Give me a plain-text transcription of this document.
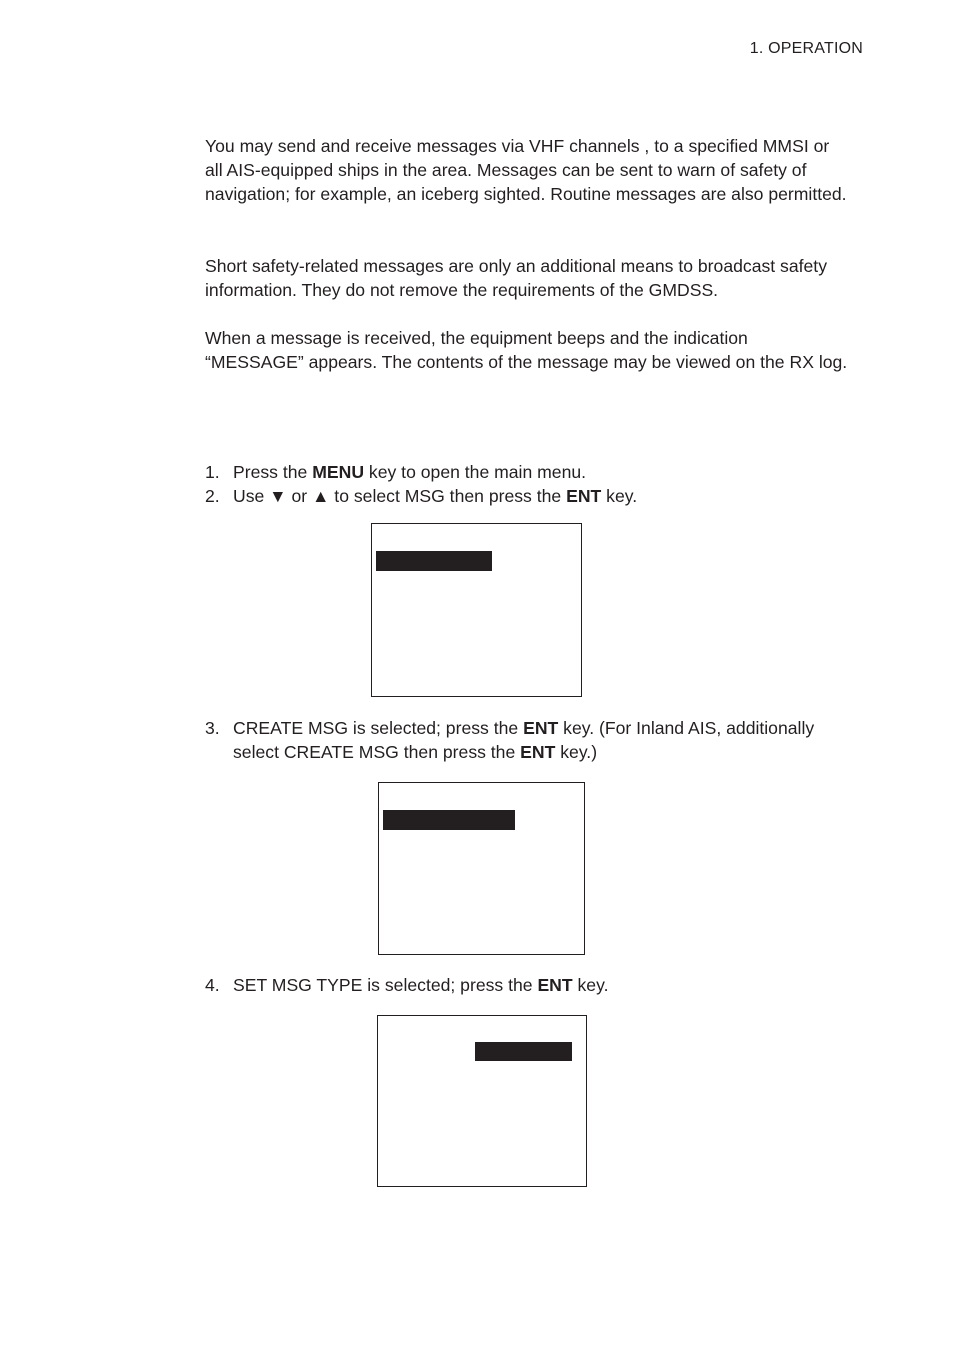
1. OPERATION

You may send and receive messages via VHF channels , to a specified MMSI or all AIS-equipped ships in the area. Messages can be sent to warn of safety of navigation; for example, an iceberg sighted. Routine messages are also permitted.

Short safety-related messages are only an additional means to broadcast safety information. They do not remove the requirements of the GMDSS.

When a message is received, the equipment beeps and the indication “MESSAGE” appears. The contents of the message may be viewed on the RX log.

1. Press the MENU key to open the main menu.
2. Use ▼ or ▲ to select MSG then press the ENT key.
3. CREATE MSG is selected; press the ENT key. (For Inland AIS, additionally select CREATE MSG then press the ENT key.)
4. SET MSG TYPE is selected; press the ENT key.
